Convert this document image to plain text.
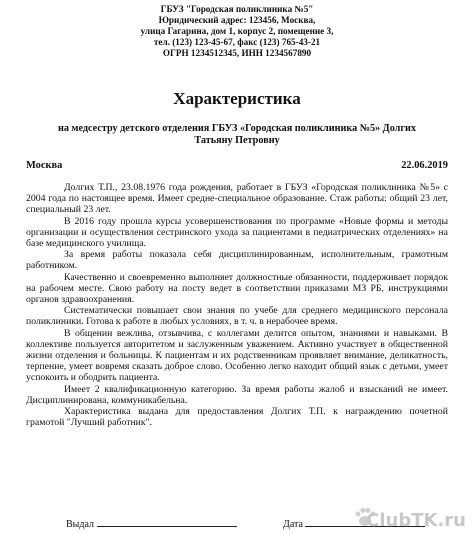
ГБУЗ "Городская поликлиника №5"
Юридический адрес: 123456, Москва,
улица Гагарина, дом 1, корпус 2, помещение 3,
тел. (123) 123-45-67, факс (123) 765-43-21
ОГРН 1234512345, ИНН 1234567890
Характеристика
на медсестру детского отделения ГБУЗ «Городская поликлиника №5» Долгих
Татьяну Петровну
Москва	22.06.2019

Долгих Т.П., 23.08.1976 года рождения, работает в ГБУЗ «Городская поликлиника №5» с 2004 года по настоящее время. Имеет средне-специальное образование. Стаж работы: общий 23 лет, специальный 23 лет.

В 2016 году прошла курсы усовершенствования по программе «Новые формы и методы организации и осуществления сестринского ухода за пациентами в педиатрических отделениях» на базе медицинского училища.

За время работы показала себя дисциплинированным, исполнительным, грамотным работником.

Качественно и своевременно выполняет должностные обязанности, поддерживает порядок на рабочем месте. Свою работу на посту ведет в соответствии приказами МЗ РБ, инструкциями органов здравоохранения.

Систематически повышает свои знания по учебе для среднего медицинского персонала поликлиники. Готова к работе в любых условиях, в т. ч. в нерабочее время.

В общении вежлива, отзывчива, с коллегами делится опытом, знаниями и навыками. В коллективе пользуется авторитетом и заслуженным уважением. Активно участвует в общественной жизни отделения и больницы. К пациентам и их родственникам проявляет внимание, деликатность, терпение, умеет вовремя сказать доброе слово. Особенно легко находит общий язык с детьми, умеет успокоить и ободрить пациента.

Имеет 2 квалификационную категорию. За время работы жалоб и взысканий не имеет. Дисциплинирована, коммуникабельна.

Характеристика выдана для предоставления Долгих Т.П. к награждению почетной грамотой "Лучший работник".

Выдал	Дата	ClubTK.ru
